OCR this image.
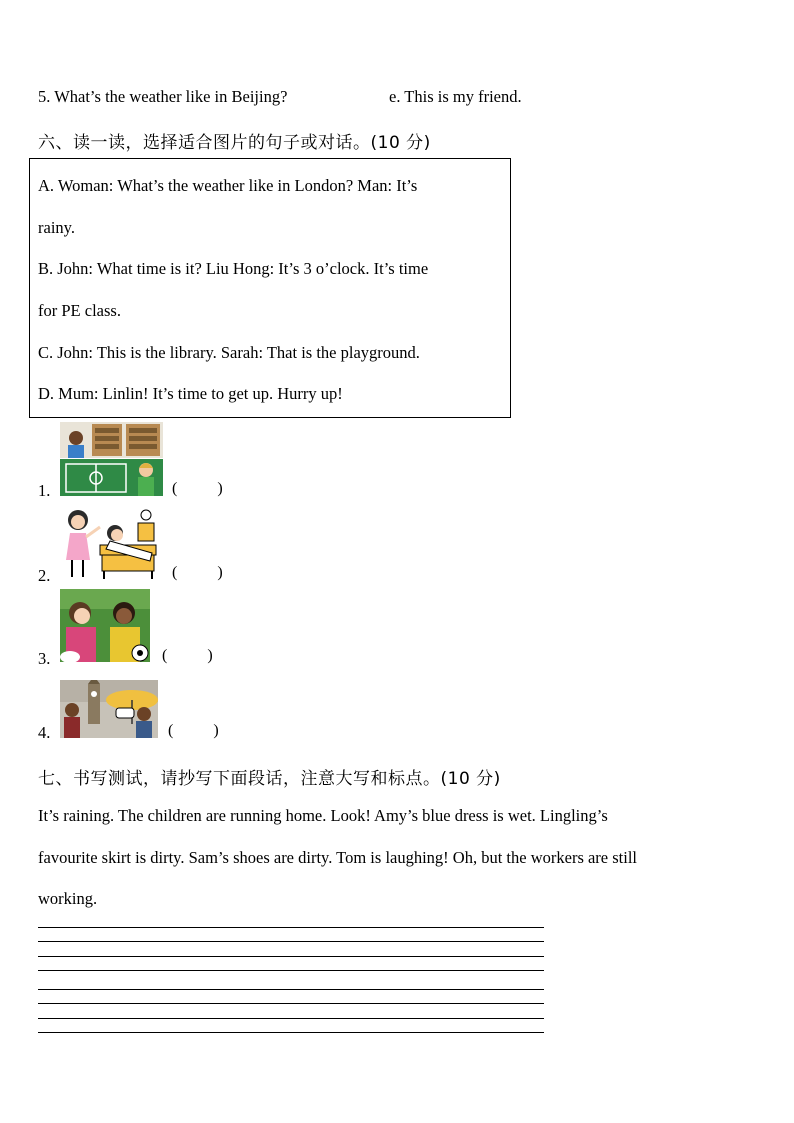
5. What’s the weather like in Beijing?	e. This is my friend.
六、读一读，选择适合图片的句子或对话。(10 分)
A. Woman: What’s the weather like in London? Man: It’s
rainy.
B. John: What time is it? Liu Hong: It’s 3 o’clock. It’s time
for PE class.
C. John: This is the library. Sarah: That is the playground.
D. Mum: Linlin! It’s time to get up. Hurry up!
1.	(          )
2.	(          )
3.	(          )
4.	(          )
七、书写测试，请抄写下面段话，注意大写和标点。(10 分)
It’s raining. The children are running home. Look! Amy’s blue dress is wet. Lingling’s
favourite skirt is dirty. Sam’s shoes are dirty. Tom is laughing! Oh, but the workers are still
working.
